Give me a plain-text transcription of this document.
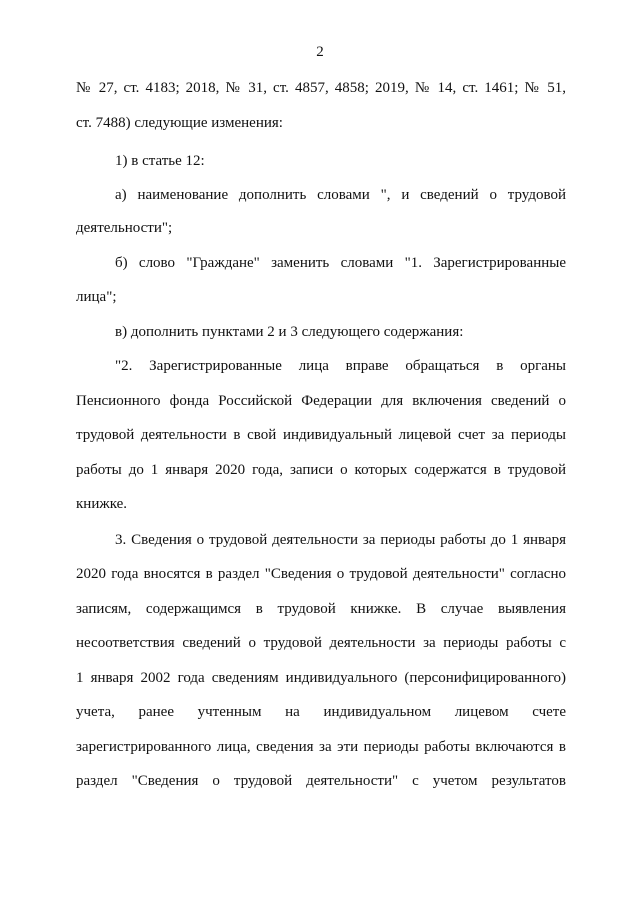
2
№ 27, ст. 4183; 2018, № 31, ст. 4857, 4858; 2019, № 14, ст. 1461; № 51,
ст. 7488) следующие изменения:
1) в статье 12:
а) наименование дополнить словами ", и сведений о трудовой
деятельности";
б) слово "Граждане" заменить словами "1. Зарегистрированные
лица";
в) дополнить пунктами 2 и 3 следующего содержания:
"2. Зарегистрированные лица вправе обращаться в органы
Пенсионного фонда Российской Федерации для включения сведений о
трудовой деятельности в свой индивидуальный лицевой счет за периоды
работы до 1 января 2020 года, записи о которых содержатся в трудовой
книжке.
3. Сведения о трудовой деятельности за периоды работы до 1 января
2020 года вносятся в раздел "Сведения о трудовой деятельности" согласно
записям, содержащимся в трудовой книжке. В случае выявления
несоответствия сведений о трудовой деятельности за периоды работы с
1 января 2002 года сведениям индивидуального (персонифицированного)
учета, ранее учтенным на индивидуальном лицевом счете
зарегистрированного лица, сведения за эти периоды работы включаются в
раздел "Сведения о трудовой деятельности" с учетом результатов
